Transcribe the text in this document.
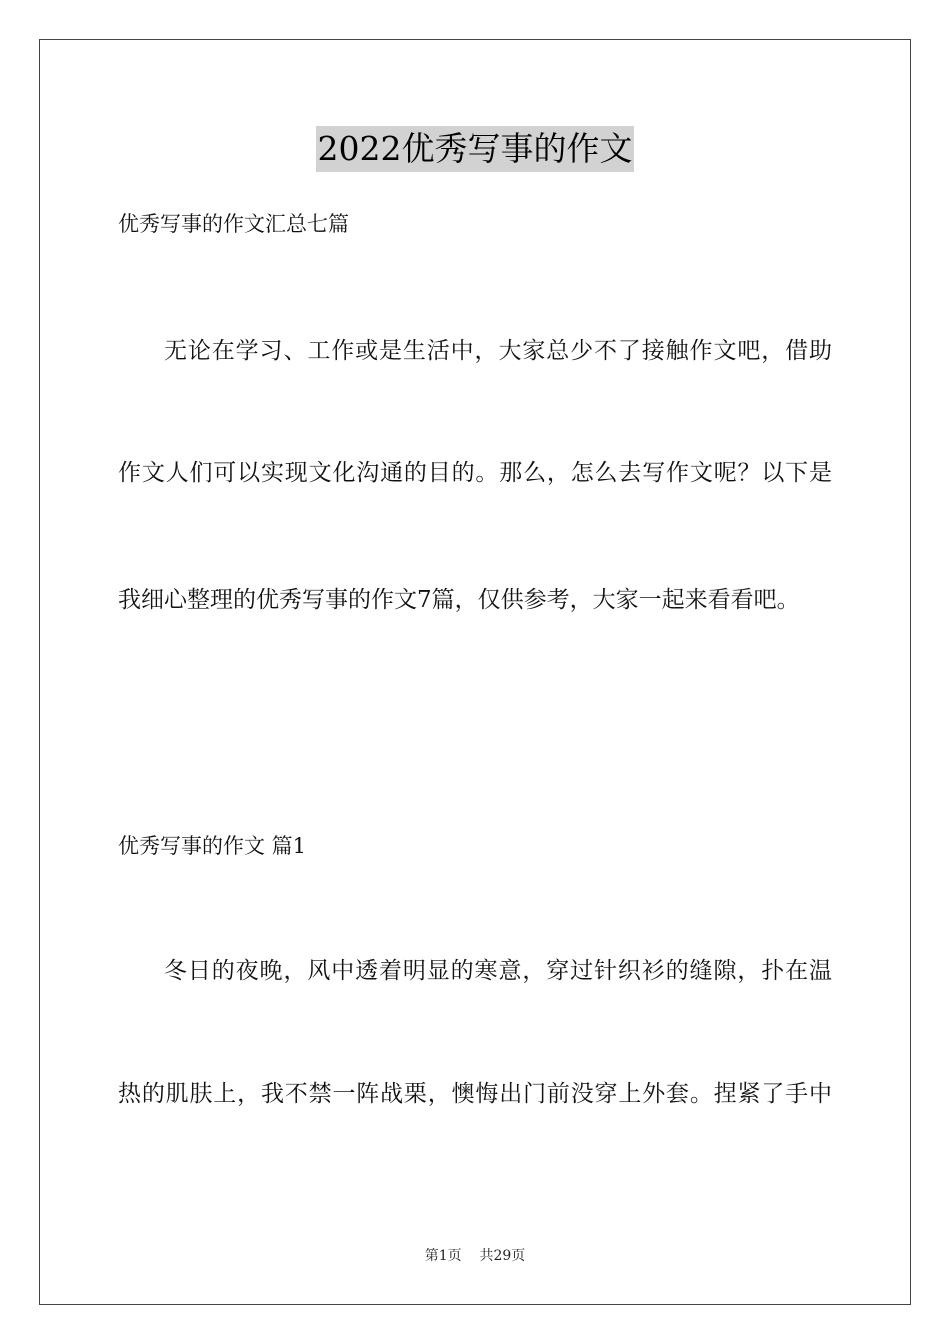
2022优秀写事的作文
优秀写事的作文汇总七篇
无论在学习、工作或是生活中，大家总少不了接触作文吧，借助
作文人们可以实现文化沟通的目的。那么，怎么去写作文呢？以下是
我细心整理的优秀写事的作文7篇，仅供参考，大家一起来看看吧。
优秀写事的作文 篇1
冬日的夜晚，风中透着明显的寒意，穿过针织衫的缝隙，扑在温
热的肌肤上，我不禁一阵战栗，懊悔出门前没穿上外套。捏紧了手中
第1页 共29页
